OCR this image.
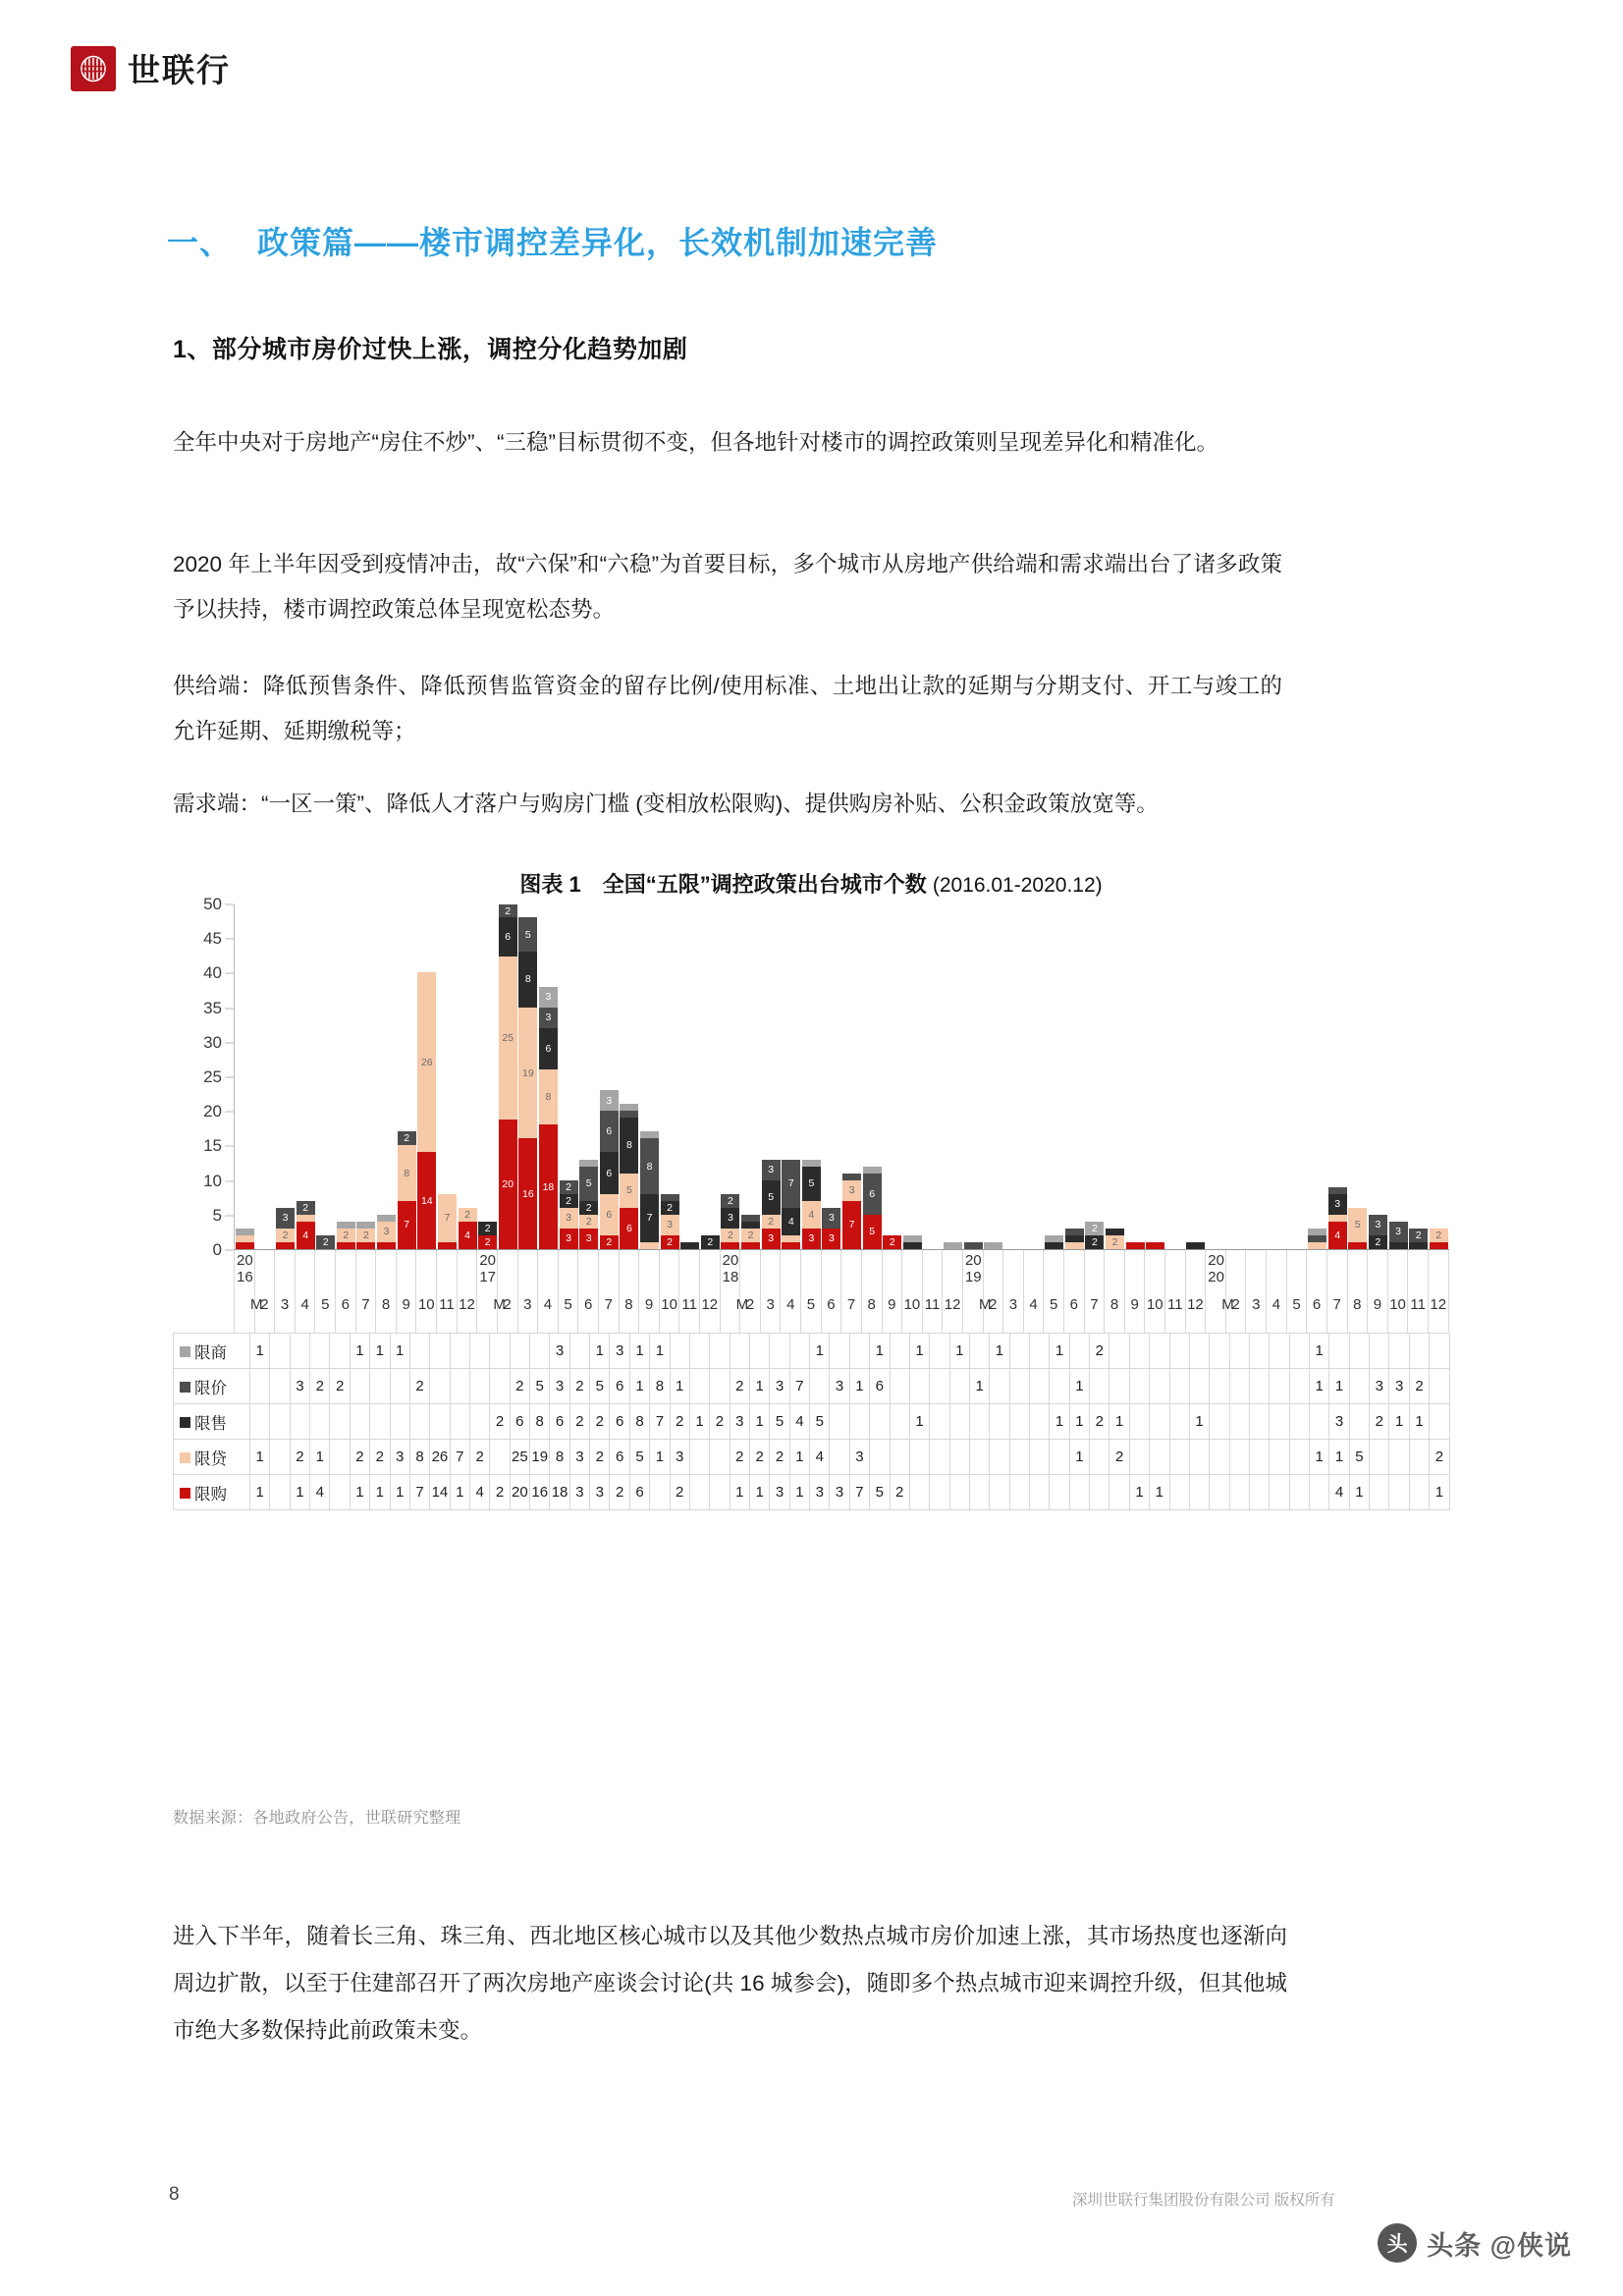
世联行
一、 政策篇——楼市调控差异化，长效机制加速完善
1、部分城市房价过快上涨，调控分化趋势加剧

全年中央对于房地产“房住不炒”、“三稳”目标贯彻不变，但各地针对楼市的调控政策则呈现差异化和精准化。

2020 年上半年因受到疫情冲击，故“六保”和“六稳”为首要目标，多个城市从房地产供给端和需求端出台了诸多政策予以扶持，楼市调控政策总体呈现宽松态势。

供给端：降低预售条件、降低预售监管资金的留存比例/使用标准、土地出让款的延期与分期支付、开工与竣工的允许延期、延期缴税等；

需求端：“一区一策”、降低人才落户与购房门槛 (变相放松限购)、提供购房补贴、公积金政策放宽等。

图表 1　全国“五限”调控政策出台城市个数 (2016.01-2020.12)
0
5
10
15
20
25
30
35
40
45
50
3
2
2
4
2
2	2	3
2
8
7
26
14
7	2
4
2
2
2
6
25
20
5
8
19
16
3
3
6
8
18	2
2
3
3
5
2
2
3
3
6
6
6
2
8
5
6
8
7
2
3
2	2
2
3
2	2
3
5
2
3
7
4
5
4
3
3
3
3
7
6
5
2
2
2	2
3
4
5	3
2
3	2	2
20
16
M
2 3 4 5 6 7 8 9 10 11 12
20
17
M
2 3 4 5 6 7 8 9 10 11 12
20
18
M
2 3 4 5 6 7 8 9 10 11 12
20
19
M
2 3 4 5 6 7 8 9 10 11 12
20
20
M
2 3 4 5 6 7 8 9 10 11 12
限商	1					1	1	1								3		1	3	1	1								1			1		1		1		1			1		2											1						
限价			3	2	2				2					2	5	3	2	5	6	1	8	1			2	1	3	7		3	1	6					1					1												1	1		3	3	2	
限售													2	6	8	6	2	2	6	8	7	2	1	2	3	1	5	4	5					1							1	1	2	1				1							3		2	1	1	
限贷	1		2	1		2	2	3	8	26	7	2		25	19	8	3	2	6	5	1	3			2	2	2	1	4		3											1		2										1	1	5				2
限购	1		1	4		1	1	1	7	14	1	4	2	20	16	18	3	3	2	6		2			1	1	3	1	3	3	7	5	2												1	1									4	1				1
数据来源：各地政府公告，世联研究整理

进入下半年，随着长三角、珠三角、西北地区核心城市以及其他少数热点城市房价加速上涨，其市场热度也逐渐向周边扩散，以至于住建部召开了两次房地产座谈会讨论(共 16 城参会)，随即多个热点城市迎来调控升级，但其他城市绝大多数保持此前政策未变。

8	深圳世联行集团股份有限公司 版权所有
头 头条 @侠说
